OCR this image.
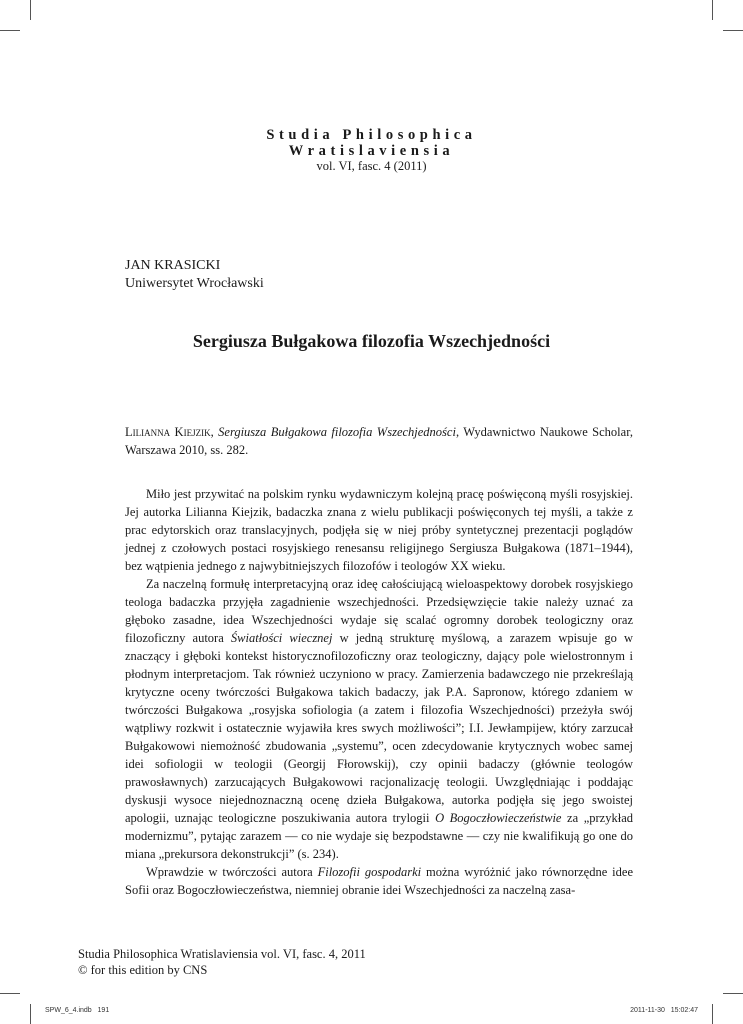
Studia Philosophica
Wratislaviensia
vol. VI, fasc. 4 (2011)
JAN KRASICKI
Uniwersytet Wrocławski
Sergiusza Bułgakowa filozofia Wszechjedności
Lilianna Kiejzik, Sergiusza Bułgakowa filozofia Wszechjedności, Wydawnictwo Naukowe Scholar, Warszawa 2010, ss. 282.

Miło jest przywitać na polskim rynku wydawniczym kolejną pracę poświęconą myśli rosyjskiej. Jej autorka Lilianna Kiejzik, badaczka znana z wielu publikacji poświęconych tej myśli, a także z prac edytorskich oraz translacyjnych, podjęła się w niej próby syntetycznej prezentacji poglądów jednej z czołowych postaci rosyjskiego renesansu religijnego Sergiusza Bułgakowa (1871–1944), bez wątpienia jednego z najwybitniejszych filozofów i teologów XX wieku.

Za naczelną formułę interpretacyjną oraz ideę całościującą wieloaspektowy dorobek rosyjskiego teologa badaczka przyjęła zagadnienie wszechjedności. Przedsięwzięcie takie należy uznać za głęboko zasadne, idea Wszechjedności wydaje się scalać ogromny dorobek teologiczny oraz filozoficzny autora Światłości wiecznej w jedną strukturę myślową, a zarazem wpisuje go w znaczący i głęboki kontekst historycznofilozoficzny oraz teologiczny, dający pole wielostronnym i płodnym interpretacjom. Tak również uczyniono w pracy. Zamierzenia badawczego nie przekreślają krytyczne oceny twórczości Bułgakowa takich badaczy, jak P.A. Sapronow, którego zdaniem w twórczości Bułgakowa „rosyjska sofiologia (a zatem i filozofia Wszechjedności) przeżyła swój wątpliwy rozkwit i ostatecznie wyjawiła kres swych możliwości”; I.I. Jewłampijew, który zarzucał Bułgakowowi niemożność zbudowania „systemu”, ocen zdecydowanie krytycznych wobec samej idei sofiologii w teologii (Georgij Fłorowskij), czy opinii badaczy (głównie teologów prawosławnych) zarzucających Bułgakowowi racjonalizację teologii. Uwzględniając i poddając dyskusji wysoce niejednoznaczną ocenę dzieła Bułgakowa, autorka podjęła się jego swoistej apologii, uznając teologiczne poszukiwania autora trylogii O Bogoczłowieczeństwie za „przykład modernizmu”, pytając zarazem — co nie wydaje się bezpodstawne — czy nie kwalifikują go one do miana „prekursora dekonstrukcji” (s. 234).

Wprawdzie w twórczości autora Filozofii gospodarki można wyróżnić jako równorzędne idee Sofii oraz Bogoczłowieczeństwa, niemniej obranie idei Wszechjedności za naczelną zasa-

Studia Philosophica Wratislaviensia vol. VI, fasc. 4, 2011
© for this edition by CNS
SPW_6_4.indb   191	2011-11-30   15:02:47
